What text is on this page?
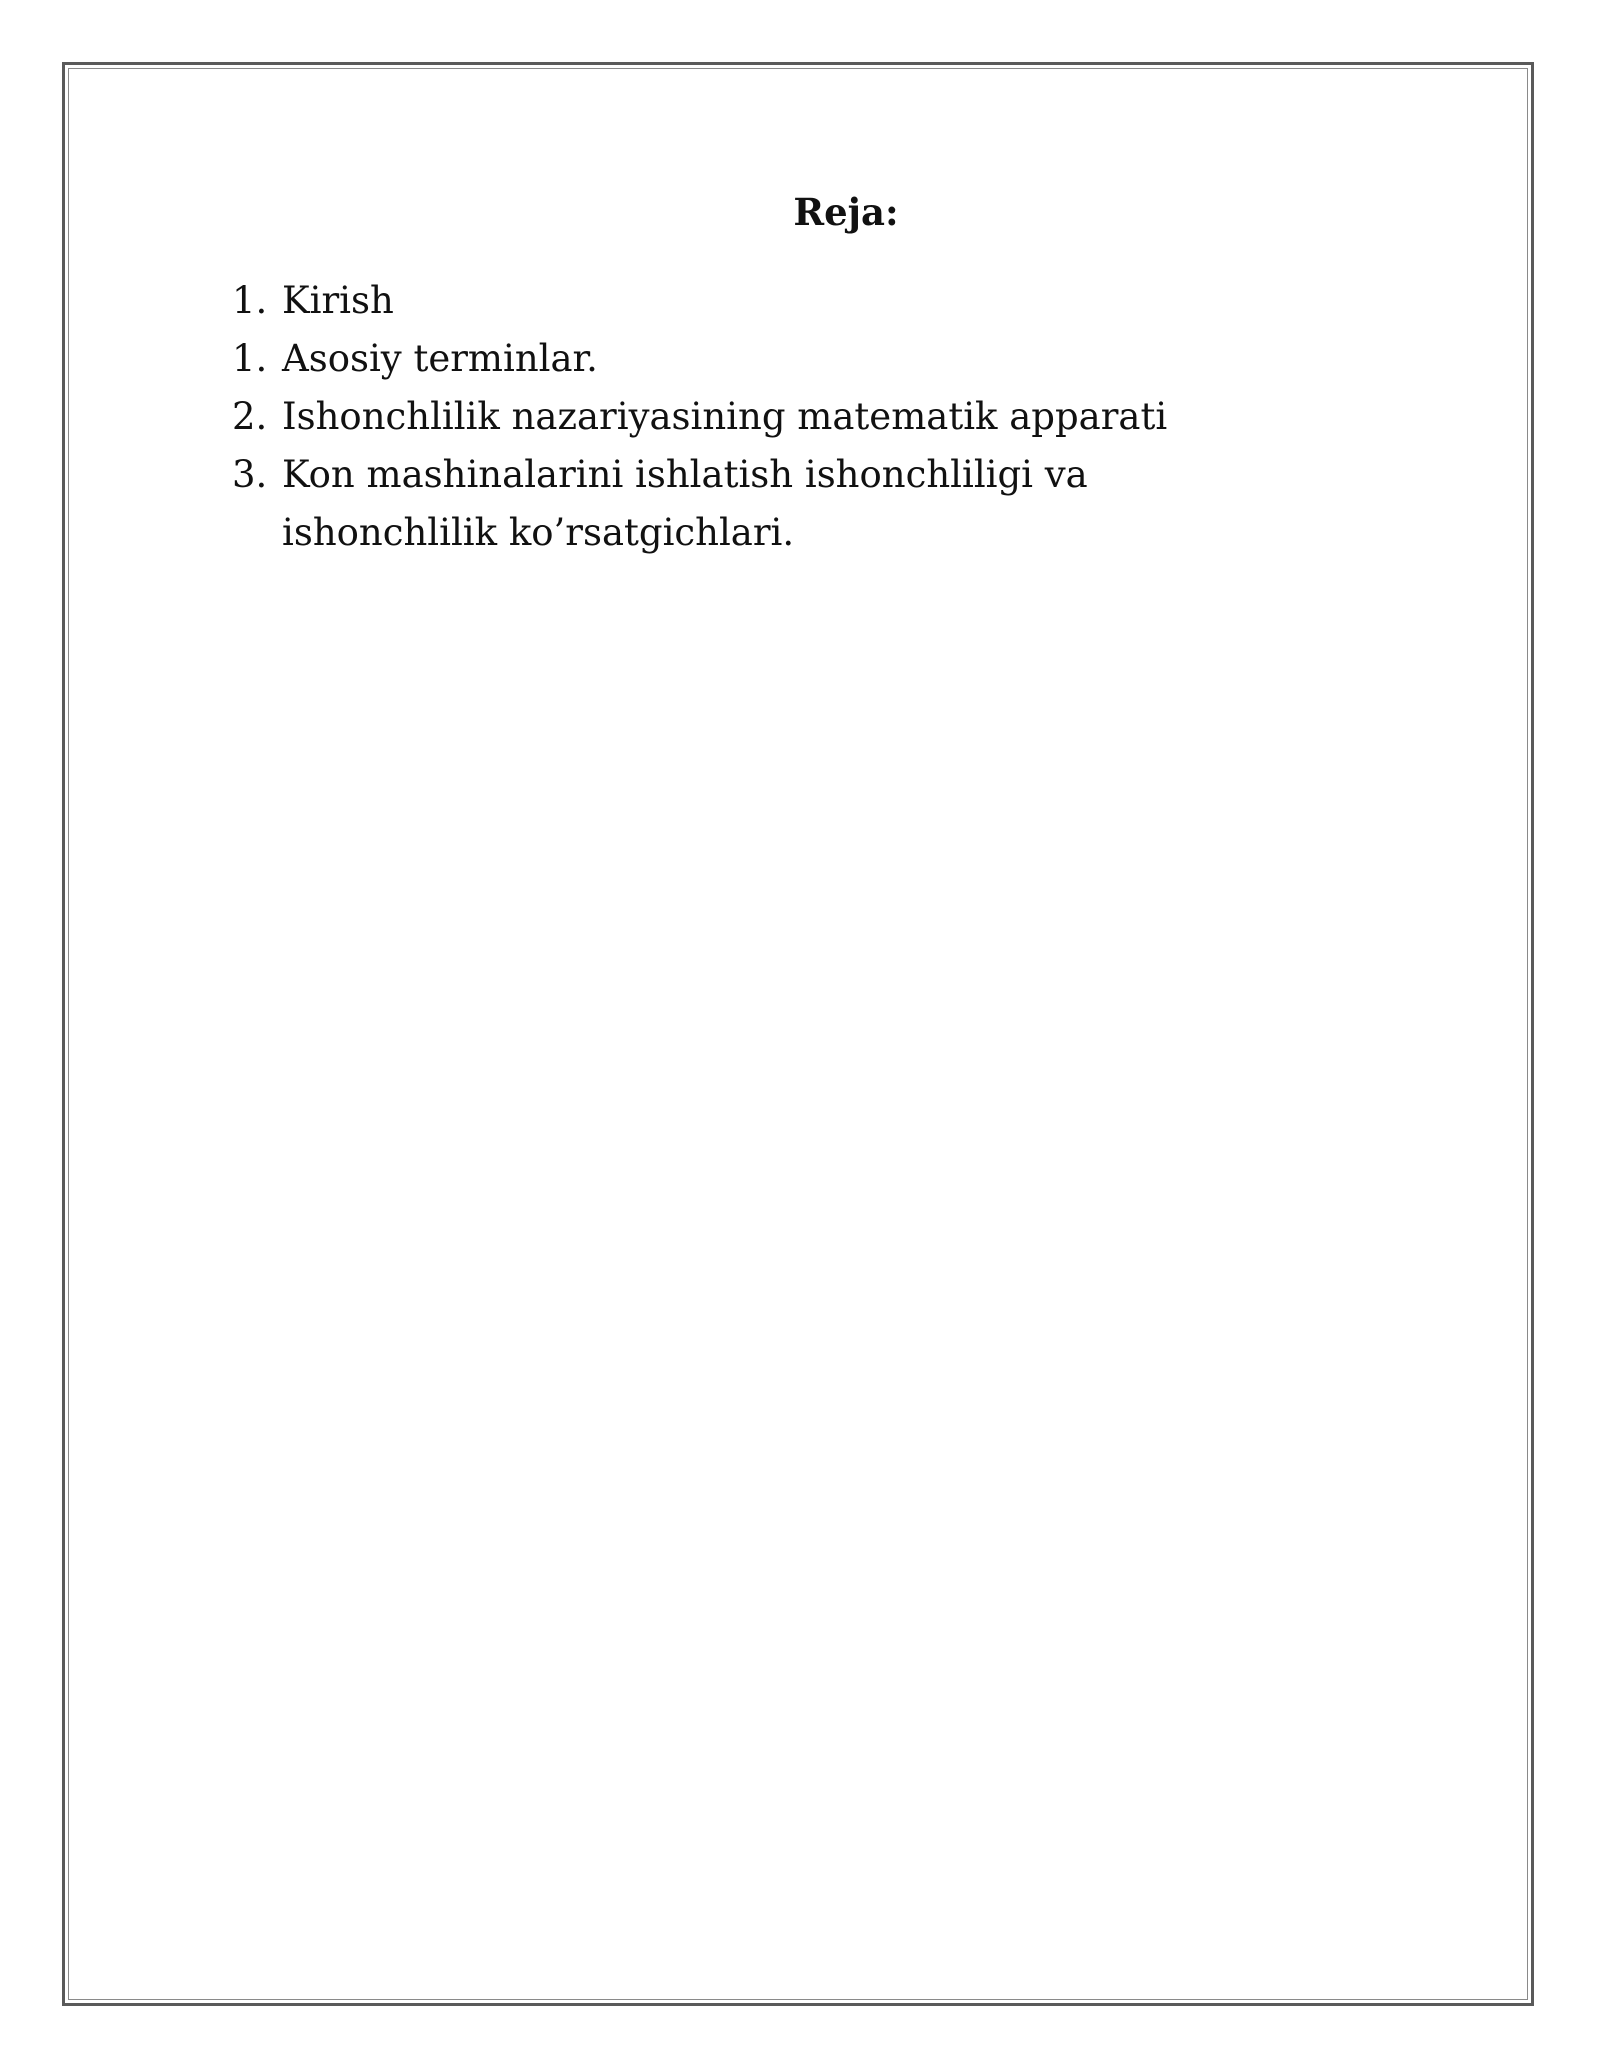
Reja:
1. Kirish
1. Asosiy terminlar.
2. Ishonchlilik nazariyasining matematik apparati
3. Kon mashinalarini ishlatish ishonchliligi va ishonchlilik ko’rsatgichlari.
